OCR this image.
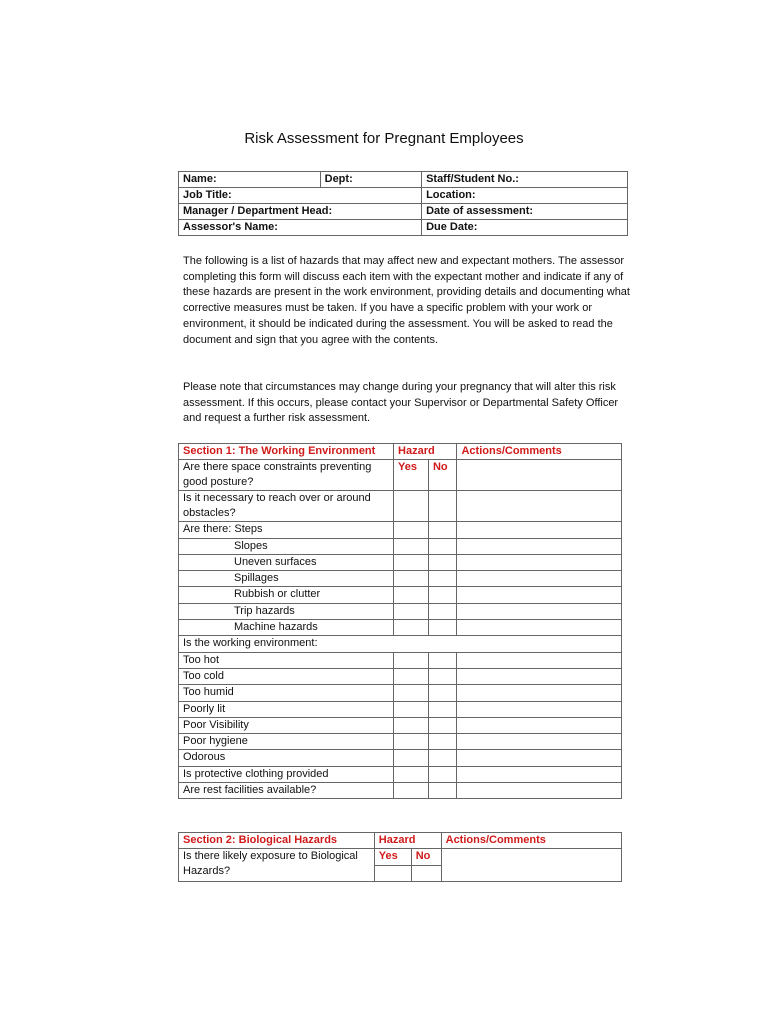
Risk Assessment for Pregnant Employees
Name:	Dept:	Staff/Student No.:
Job Title:		Location:
Manager / Department Head:		Date of assessment:
Assessor's Name:		Due Date:

The following is a list of hazards that may affect new and expectant mothers. The assessor completing this form will discuss each item with the expectant mother and indicate if any of these hazards are present in the work environment, providing details and documenting what corrective measures must be taken. If you have a specific problem with your work or environment, it should be indicated during the assessment. You will be asked to read the document and sign that you agree with the contents.

Please note that circumstances may change during your pregnancy that will alter this risk assessment. If this occurs, please contact your Supervisor or Departmental Safety Officer and request a further risk assessment.

Section 1: The Working Environment	Hazard		Actions/Comments
Are there space constraints preventing good posture?	Yes	No	
Is it necessary to reach over or around obstacles?			
Are there: Steps			
Slopes			
Uneven surfaces			
Spillages			
Rubbish or clutter			
Trip hazards			
Machine hazards			
Is the working environment:			
Too hot			
Too cold			
Too humid			
Poorly lit			
Poor Visibility			
Poor hygiene			
Odorous			
Is protective clothing provided			
Are rest facilities available?			
Section 2: Biological Hazards	Hazard		Actions/Comments
Is there likely exposure to Biological Hazards?	Yes	No	
